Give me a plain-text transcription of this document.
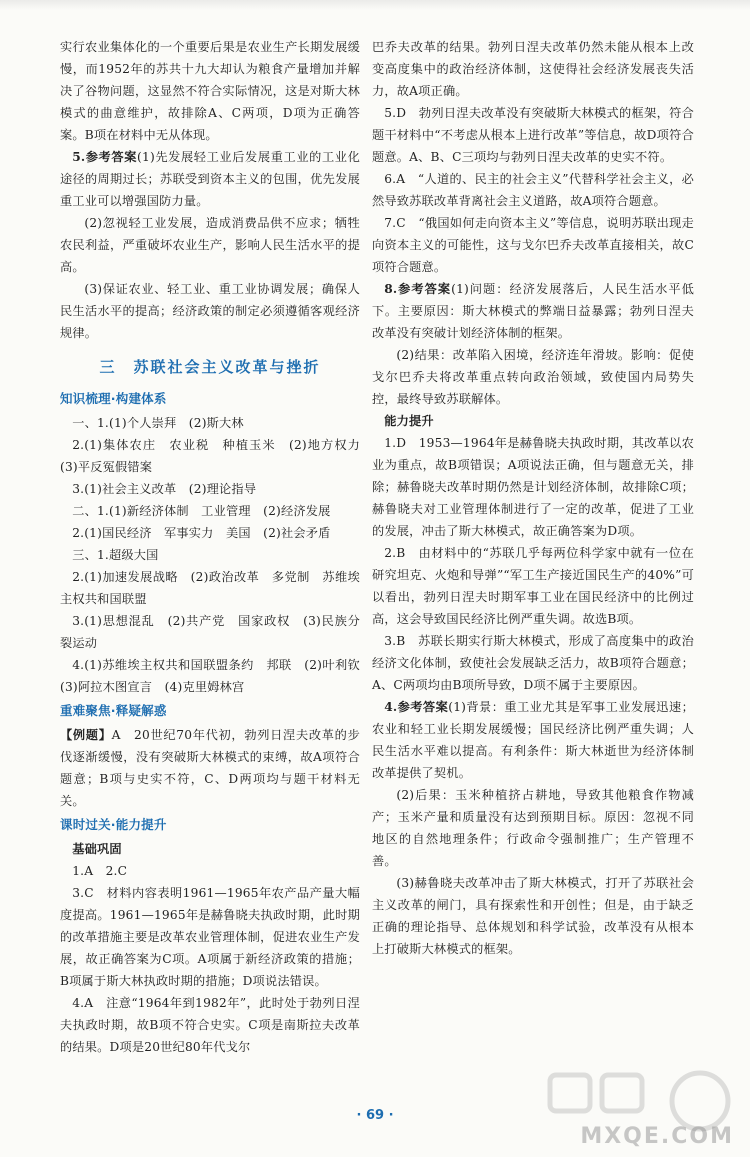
实行农业集体化的一个重要后果是农业生产长期发展缓慢，而1952年的苏共十九大却认为粮食产量增加并解决了谷物问题，这显然不符合实际情况，这是对斯大林模式的曲意维护，故排除A、C两项，D项为正确答案。B项在材料中无从体现。

5.参考答案(1)先发展轻工业后发展重工业的工业化途径的周期过长；苏联受到资本主义的包围，优先发展重工业可以增强国防力量。

(2)忽视轻工业发展，造成消费品供不应求；牺牲农民利益，严重破坏农业生产，影响人民生活水平的提高。

(3)保证农业、轻工业、重工业协调发展；确保人民生活水平的提高；经济政策的制定必须遵循客观经济规律。

三　苏联社会主义改革与挫折

知识梳理·构建体系

一、1.(1)个人崇拜　(2)斯大林

2.(1)集体农庄　农业税　种植玉米　(2)地方权力　(3)平反冤假错案

3.(1)社会主义改革　(2)理论指导

二、1.(1)新经济体制　工业管理　(2)经济发展

2.(1)国民经济　军事实力　美国　(2)社会矛盾

三、1.超级大国

2.(1)加速发展战略　(2)政治改革　多党制　苏维埃主权共和国联盟

3.(1)思想混乱　(2)共产党　国家政权　(3)民族分裂运动

4.(1)苏维埃主权共和国联盟条约　邦联　(2)叶利钦　(3)阿拉木图宣言　(4)克里姆林宫

重难聚焦·释疑解惑

【例题】A　20世纪70年代初，勃列日涅夫改革的步伐逐渐缓慢，没有突破斯大林模式的束缚，故A项符合题意；B项与史实不符，C、D两项均与题干材料无关。

课时过关·能力提升

基础巩固

1.A　2.C

3.C　材料内容表明1961—1965年农产品产量大幅度提高。1961—1965年是赫鲁晓夫执政时期，此时期的改革措施主要是改革农业管理体制，促进农业生产发展，故正确答案为C项。A项属于新经济政策的措施；B项属于斯大林执政时期的措施；D项说法错误。

4.A　注意“1964年到1982年”，此时处于勃列日涅夫执政时期，故B项不符合史实。C项是南斯拉夫改革的结果。D项是20世纪80年代戈尔

巴乔夫改革的结果。勃列日涅夫改革仍然未能从根本上改变高度集中的政治经济体制，这使得社会经济发展丧失活力，故A项正确。

5.D　勃列日涅夫改革没有突破斯大林模式的框架，符合题干材料中“不考虑从根本上进行改革”等信息，故D项符合题意。A、B、C三项均与勃列日涅夫改革的史实不符。

6.A　“人道的、民主的社会主义”代替科学社会主义，必然导致苏联改革背离社会主义道路，故A项符合题意。

7.C　“俄国如何走向资本主义”等信息，说明苏联出现走向资本主义的可能性，这与戈尔巴乔夫改革直接相关，故C项符合题意。

8.参考答案(1)问题：经济发展落后，人民生活水平低下。主要原因：斯大林模式的弊端日益暴露；勃列日涅夫改革没有突破计划经济体制的框架。

(2)结果：改革陷入困境，经济连年滑坡。影响：促使戈尔巴乔夫将改革重点转向政治领域，致使国内局势失控，最终导致苏联解体。

能力提升

1.D　1953—1964年是赫鲁晓夫执政时期，其改革以农业为重点，故B项错误；A项说法正确，但与题意无关，排除；赫鲁晓夫改革时期仍然是计划经济体制，故排除C项；赫鲁晓夫对工业管理体制进行了一定的改革，促进了工业的发展，冲击了斯大林模式，故正确答案为D项。

2.B　由材料中的“苏联几乎每两位科学家中就有一位在研究坦克、火炮和导弹”“军工生产接近国民生产的40%”可以看出，勃列日涅夫时期军事工业在国民经济中的比例过高，这会导致国民经济比例严重失调。故选B项。

3.B　苏联长期实行斯大林模式，形成了高度集中的政治经济文化体制，致使社会发展缺乏活力，故B项符合题意；A、C两项均由B项所导致，D项不属于主要原因。

4.参考答案(1)背景：重工业尤其是军事工业发展迅速；农业和轻工业长期发展缓慢；国民经济比例严重失调；人民生活水平难以提高。有利条件：斯大林逝世为经济体制改革提供了契机。

(2)后果：玉米种植挤占耕地，导致其他粮食作物减产；玉米产量和质量没有达到预期目标。原因：忽视不同地区的自然地理条件；行政命令强制推广；生产管理不善。

(3)赫鲁晓夫改革冲击了斯大林模式，打开了苏联社会主义改革的闸门，具有探索性和开创性；但是，由于缺乏正确的理论指导、总体规划和科学试验，改革没有从根本上打破斯大林模式的框架。

· 69 ·
MXQE.COM
